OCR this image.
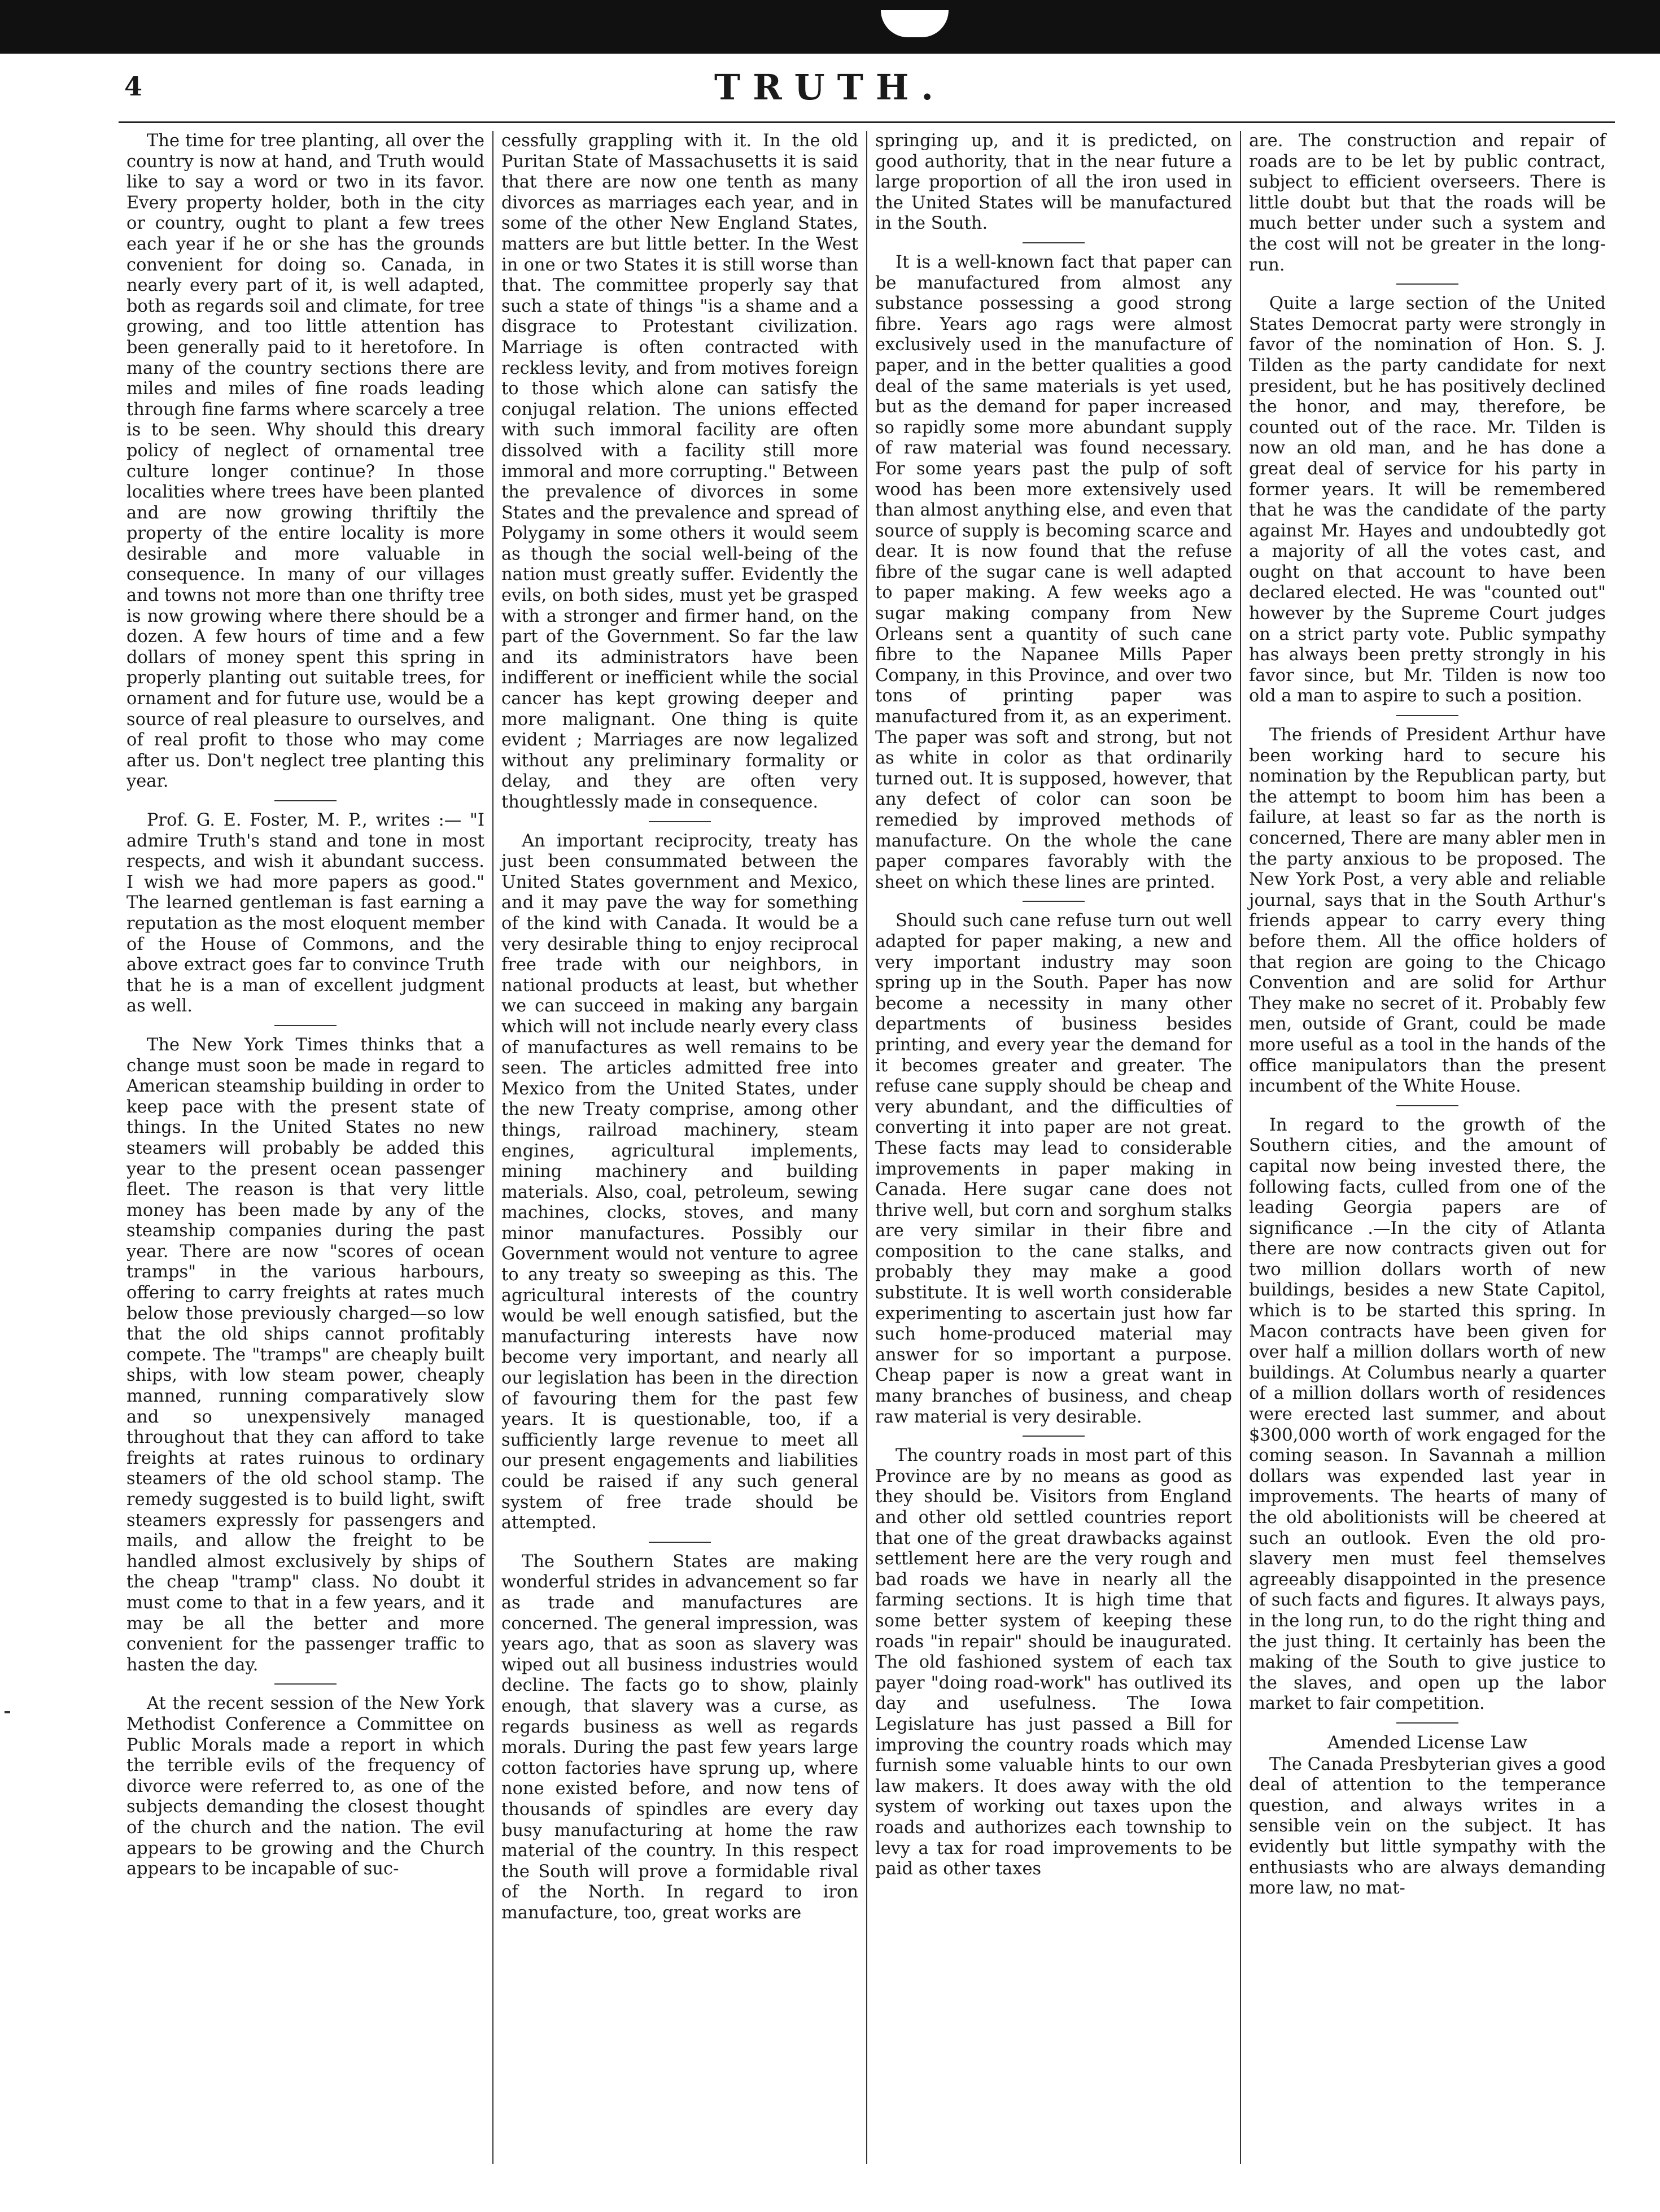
4	TRUTH.

The time for tree planting, all over the country is now at hand, and Truth would like to say a word or two in its favor. Every property holder, both in the city or country, ought to plant a few trees each year if he or she has the grounds convenient for doing so. Canada, in nearly every part of it, is well adapted, both as regards soil and climate, for tree growing, and too little attention has been generally paid to it heretofore. In many of the country sections there are miles and miles of fine roads leading through fine farms where scarcely a tree is to be seen. Why should this dreary policy of neglect of ornamental tree culture longer continue? In those localities where trees have been planted and are now growing thriftily the property of the entire locality is more desirable and more valuable in consequence. In many of our villages and towns not more than one thrifty tree is now growing where there should be a dozen. A few hours of time and a few dollars of money spent this spring in properly planting out suitable trees, for ornament and for future use, would be a source of real pleasure to ourselves, and of real profit to those who may come after us. Don't neglect tree planting this year.

Prof. G. E. Foster, M. P., writes :— "I admire Truth's stand and tone in most respects, and wish it abundant success. I wish we had more papers as good." The learned gentleman is fast earning a reputation as the most eloquent member of the House of Commons, and the above extract goes far to convince Truth that he is a man of excellent judgment as well.

The New York Times thinks that a change must soon be made in regard to American steamship building in order to keep pace with the present state of things. In the United States no new steamers will probably be added this year to the present ocean passenger fleet. The reason is that very little money has been made by any of the steamship companies during the past year. There are now "scores of ocean tramps" in the various harbours, offering to carry freights at rates much below those previously charged—so low that the old ships cannot profitably compete. The "tramps" are cheaply built ships, with low steam power, cheaply manned, running comparatively slow and so unexpensively managed throughout that they can afford to take freights at rates ruinous to ordinary steamers of the old school stamp. The remedy suggested is to build light, swift steamers expressly for passengers and mails, and allow the freight to be handled almost exclusively by ships of the cheap "tramp" class. No doubt it must come to that in a few years, and it may be all the better and more convenient for the passenger traffic to hasten the day.

At the recent session of the New York Methodist Conference a Committee on Public Morals made a report in which the terrible evils of the frequency of divorce were referred to, as one of the subjects demanding the closest thought of the church and the nation. The evil appears to be growing and the Church appears to be incapable of suc-

cessfully grappling with it. In the old Puritan State of Massachusetts it is said that there are now one tenth as many divorces as marriages each year, and in some of the other New England States, matters are but little better. In the West in one or two States it is still worse than that. The committee properly say that such a state of things "is a shame and a disgrace to Protestant civilization. Marriage is often contracted with reckless levity, and from motives foreign to those which alone can satisfy the conjugal relation. The unions effected with such immoral facility are often dissolved with a facility still more immoral and more corrupting." Between the prevalence of divorces in some States and the prevalence and spread of Polygamy in some others it would seem as though the social well-being of the nation must greatly suffer. Evidently the evils, on both sides, must yet be grasped with a stronger and firmer hand, on the part of the Government. So far the law and its administrators have been indifferent or inefficient while the social cancer has kept growing deeper and more malignant. One thing is quite evident ; Marriages are now legalized without any preliminary formality or delay, and they are often very thoughtlessly made in consequence.

An important reciprocity, treaty has just been consummated between the United States government and Mexico, and it may pave the way for something of the kind with Canada. It would be a very desirable thing to enjoy reciprocal free trade with our neighbors, in national products at least, but whether we can succeed in making any bargain which will not include nearly every class of manufactures as well remains to be seen. The articles admitted free into Mexico from the United States, under the new Treaty comprise, among other things, railroad machinery, steam engines, agricultural implements, mining machinery and building materials. Also, coal, petroleum, sewing machines, clocks, stoves, and many minor manufactures. Possibly our Government would not venture to agree to any treaty so sweeping as this. The agricultural interests of the country would be well enough satisfied, but the manufacturing interests have now become very important, and nearly all our legislation has been in the direction of favouring them for the past few years. It is questionable, too, if a sufficiently large revenue to meet all our present engagements and liabilities could be raised if any such general system of free trade should be attempted.

The Southern States are making wonderful strides in advancement so far as trade and manufactures are concerned. The general impression, was years ago, that as soon as slavery was wiped out all business industries would decline. The facts go to show, plainly enough, that slavery was a curse, as regards business as well as regards morals. During the past few years large cotton factories have sprung up, where none existed before, and now tens of thousands of spindles are every day busy manufacturing at home the raw material of the country. In this respect the South will prove a formidable rival of the North. In regard to iron manufacture, too, great works are

springing up, and it is predicted, on good authority, that in the near future a large proportion of all the iron used in the United States will be manufactured in the South.

It is a well-known fact that paper can be manufactured from almost any substance possessing a good strong fibre. Years ago rags were almost exclusively used in the manufacture of paper, and in the better qualities a good deal of the same materials is yet used, but as the demand for paper increased so rapidly some more abundant supply of raw material was found necessary. For some years past the pulp of soft wood has been more extensively used than almost anything else, and even that source of supply is becoming scarce and dear. It is now found that the refuse fibre of the sugar cane is well adapted to paper making. A few weeks ago a sugar making company from New Orleans sent a quantity of such cane fibre to the Napanee Mills Paper Company, in this Province, and over two tons of printing paper was manufactured from it, as an experiment. The paper was soft and strong, but not as white in color as that ordinarily turned out. It is supposed, however, that any defect of color can soon be remedied by improved methods of manufacture. On the whole the cane paper compares favorably with the sheet on which these lines are printed.

Should such cane refuse turn out well adapted for paper making, a new and very important industry may soon spring up in the South. Paper has now become a necessity in many other departments of business besides printing, and every year the demand for it becomes greater and greater. The refuse cane supply should be cheap and very abundant, and the difficulties of converting it into paper are not great. These facts may lead to considerable improvements in paper making in Canada. Here sugar cane does not thrive well, but corn and sorghum stalks are very similar in their fibre and composition to the cane stalks, and probably they may make a good substitute. It is well worth considerable experimenting to ascertain just how far such home-produced material may answer for so important a purpose. Cheap paper is now a great want in many branches of business, and cheap raw material is very desirable.

The country roads in most part of this Province are by no means as good as they should be. Visitors from England and other old settled countries report that one of the great drawbacks against settlement here are the very rough and bad roads we have in nearly all the farming sections. It is high time that some better system of keeping these roads "in repair" should be inaugurated. The old fashioned system of each tax payer "doing road-work" has outlived its day and usefulness. The Iowa Legislature has just passed a Bill for improving the country roads which may furnish some valuable hints to our own law makers. It does away with the old system of working out taxes upon the roads and authorizes each township to levy a tax for road improvements to be paid as other taxes

are. The construction and repair of roads are to be let by public contract, subject to efficient overseers. There is little doubt but that the roads will be much better under such a system and the cost will not be greater in the long-run.

Quite a large section of the United States Democrat party were strongly in favor of the nomination of Hon. S. J. Tilden as the party candidate for next president, but he has positively declined the honor, and may, therefore, be counted out of the race. Mr. Tilden is now an old man, and he has done a great deal of service for his party in former years. It will be remembered that he was the candidate of the party against Mr. Hayes and undoubtedly got a majority of all the votes cast, and ought on that account to have been declared elected. He was "counted out" however by the Supreme Court judges on a strict party vote. Public sympathy has always been pretty strongly in his favor since, but Mr. Tilden is now too old a man to aspire to such a position.

The friends of President Arthur have been working hard to secure his nomination by the Republican party, but the attempt to boom him has been a failure, at least so far as the north is concerned, There are many abler men in the party anxious to be proposed. The New York Post, a very able and reliable journal, says that in the South Arthur's friends appear to carry every thing before them. All the office holders of that region are going to the Chicago Convention and are solid for Arthur They make no secret of it. Probably few men, outside of Grant, could be made more useful as a tool in the hands of the office manipulators than the present incumbent of the White House.

In regard to the growth of the Southern cities, and the amount of capital now being invested there, the following facts, culled from one of the leading Georgia papers are of significance .—In the city of Atlanta there are now contracts given out for two million dollars worth of new buildings, besides a new State Capitol, which is to be started this spring. In Macon contracts have been given for over half a million dollars worth of new buildings. At Columbus nearly a quarter of a million dollars worth of residences were erected last summer, and about $300,000 worth of work engaged for the coming season. In Savannah a million dollars was expended last year in improvements. The hearts of many of the old abolitionists will be cheered at such an outlook. Even the old pro-slavery men must feel themselves agreeably disappointed in the presence of such facts and figures. It always pays, in the long run, to do the right thing and the just thing. It certainly has been the making of the South to give justice to the slaves, and open up the labor market to fair competition.

Amended License Law

The Canada Presbyterian gives a good deal of attention to the temperance question, and always writes in a sensible vein on the subject. It has evidently but little sympathy with the enthusiasts who are always demanding more law, no mat-
